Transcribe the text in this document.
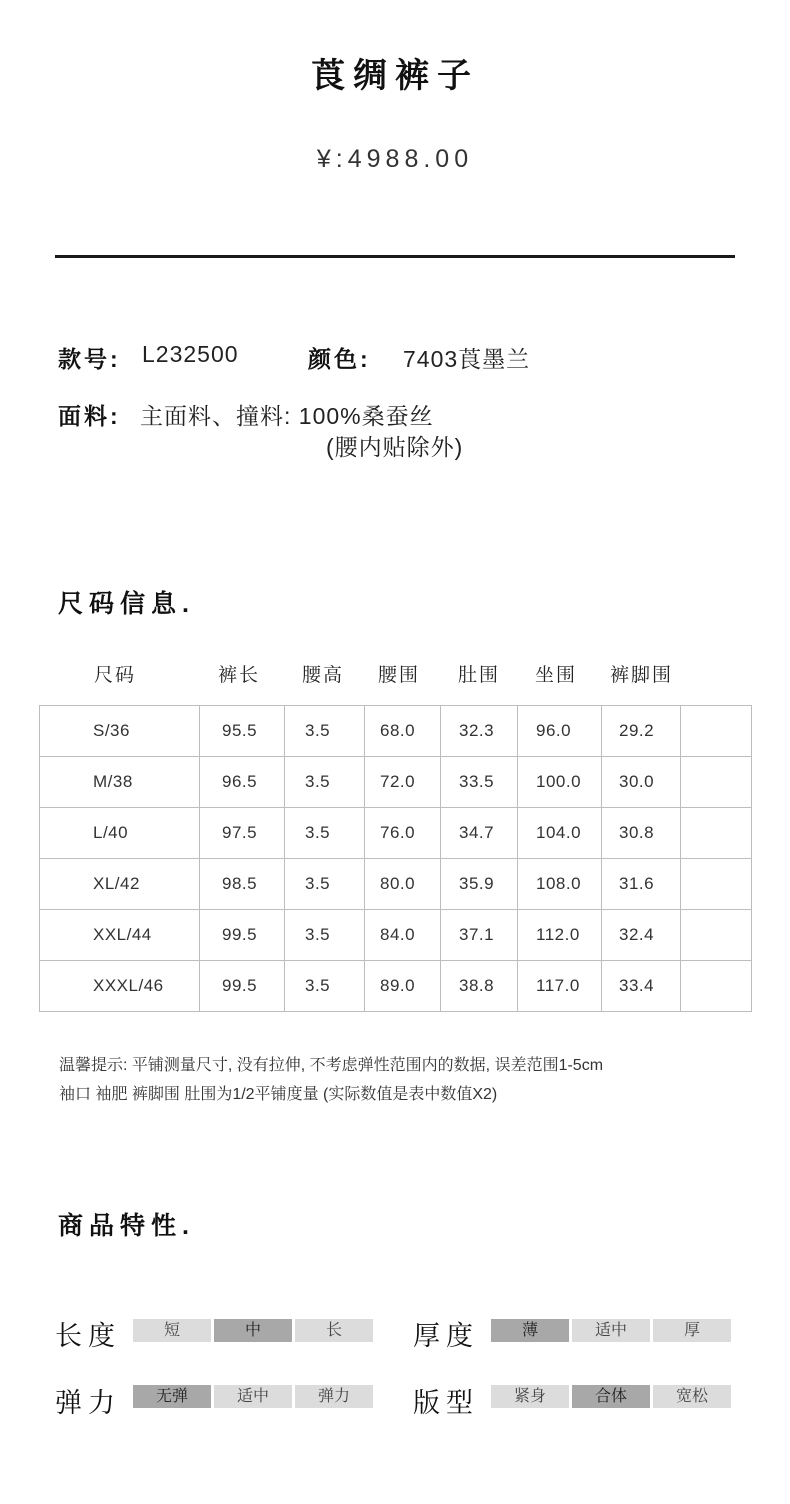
莨绸裤子
¥:4988.00
款号: L232500	颜色: 7403莨墨兰
面料: 主面料、撞料: 100%桑蚕丝
(腰内贴除外)
尺码信息.
尺码	裤长 腰高 腰围 肚围 坐围 裤脚围
S/36	95.5	3.5	68.0	32.3	96.0	29.2	
M/38	96.5	3.5	72.0	33.5	100.0	30.0	
L/40	97.5	3.5	76.0	34.7	104.0	30.8	
XL/42	98.5	3.5	80.0	35.9	108.0	31.6	
XXL/44	99.5	3.5	84.0	37.1	112.0	32.4	
XXXL/46	99.5	3.5	89.0	38.8	117.0	33.4	
温馨提示: 平铺测量尺寸, 没有拉伸, 不考虑弹性范围内的数据, 误差范围1-5cm
袖口 袖肥 裤脚围 肚围为1/2平铺度量 (实际数值是表中数值X2)
商品特性.
长度	短	中	长	厚度	薄	适中	厚
弹力	无弹	适中	弹力	版型	紧身	合体	宽松
